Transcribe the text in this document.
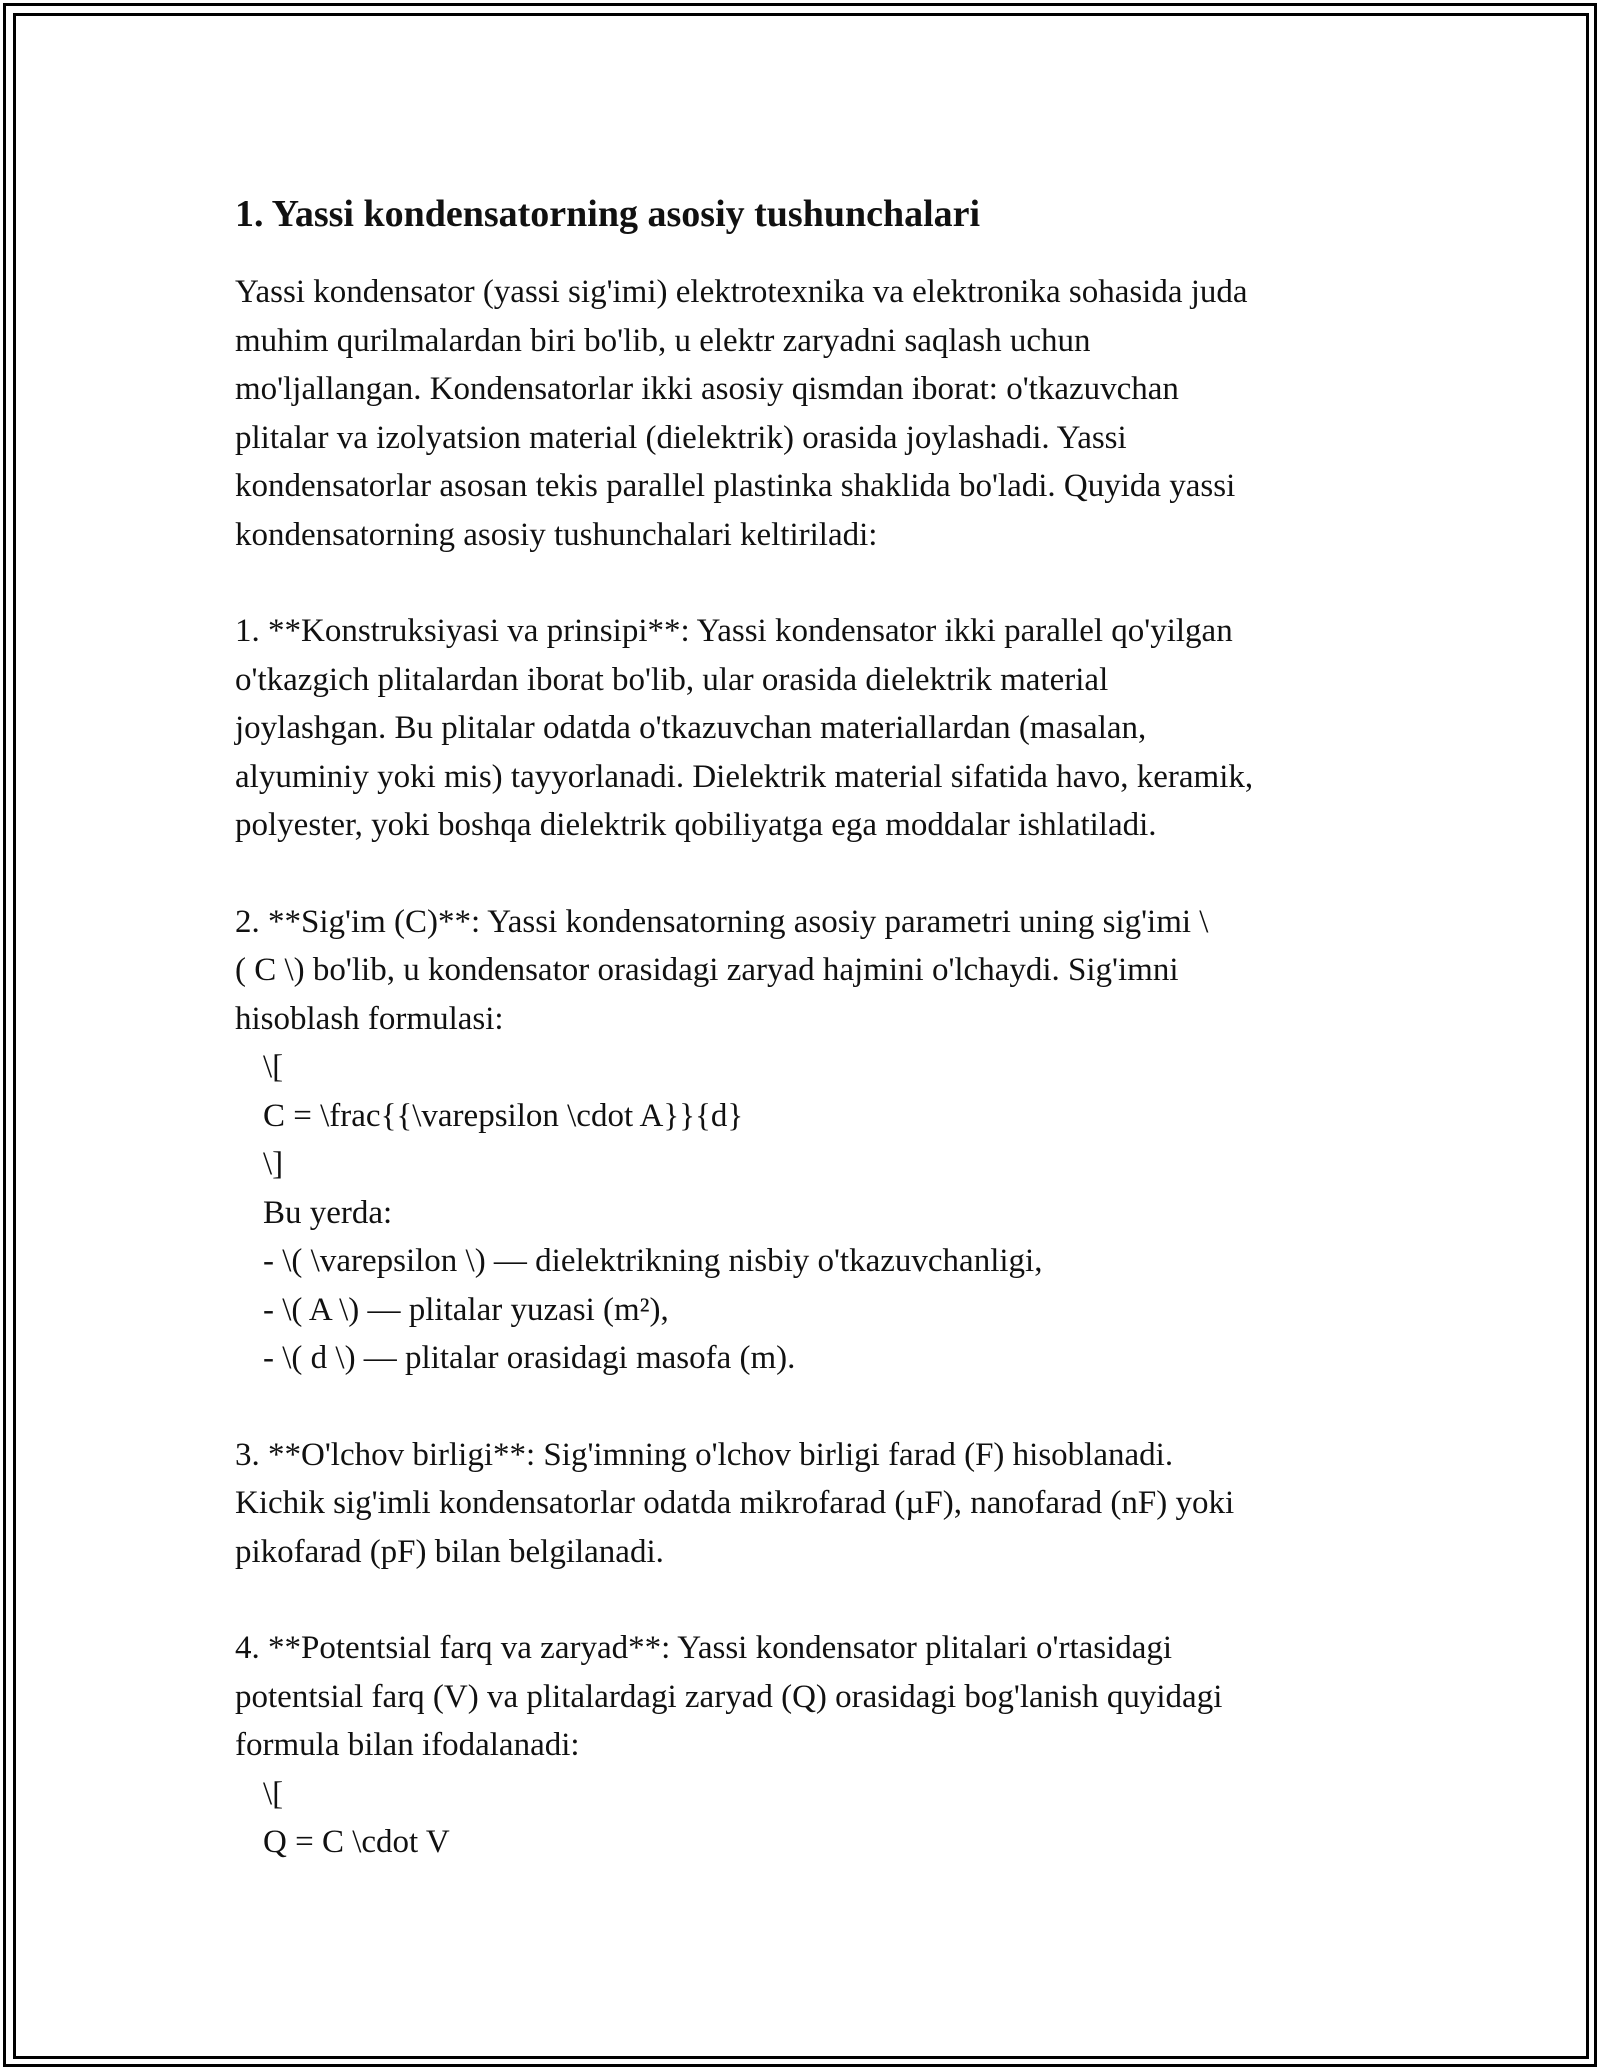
1. Yassi kondensatorning asosiy tushunchalari
Yassi kondensator (yassi sig'imi) elektrotexnika va elektronika sohasida juda
muhim qurilmalardan biri bo'lib, u elektr zaryadni saqlash uchun
mo'ljallangan. Kondensatorlar ikki asosiy qismdan iborat: o'tkazuvchan
plitalar va izolyatsion material (dielektrik) orasida joylashadi. Yassi
kondensatorlar asosan tekis parallel plastinka shaklida bo'ladi. Quyida yassi
kondensatorning asosiy tushunchalari keltiriladi:
1. **Konstruksiyasi va prinsipi**: Yassi kondensator ikki parallel qo'yilgan
o'tkazgich plitalardan iborat bo'lib, ular orasida dielektrik material
joylashgan. Bu plitalar odatda o'tkazuvchan materiallardan (masalan,
alyuminiy yoki mis) tayyorlanadi. Dielektrik material sifatida havo, keramik,
polyester, yoki boshqa dielektrik qobiliyatga ega moddalar ishlatiladi.
2. **Sig'im (C)**: Yassi kondensatorning asosiy parametri uning sig'imi \
( C \) bo'lib, u kondensator orasidagi zaryad hajmini o'lchaydi. Sig'imni
hisoblash formulasi:
\[
C = \frac{{\varepsilon \cdot A}}{d}
\]
Bu yerda:
- \( \varepsilon \) — dielektrikning nisbiy o'tkazuvchanligi,
- \( A \) — plitalar yuzasi (m²),
- \( d \) — plitalar orasidagi masofa (m).
3. **O'lchov birligi**: Sig'imning o'lchov birligi farad (F) hisoblanadi.
Kichik sig'imli kondensatorlar odatda mikrofarad (µF), nanofarad (nF) yoki
pikofarad (pF) bilan belgilanadi.
4. **Potentsial farq va zaryad**: Yassi kondensator plitalari o'rtasidagi
potentsial farq (V) va plitalardagi zaryad (Q) orasidagi bog'lanish quyidagi
formula bilan ifodalanadi:
\[
Q = C \cdot V
